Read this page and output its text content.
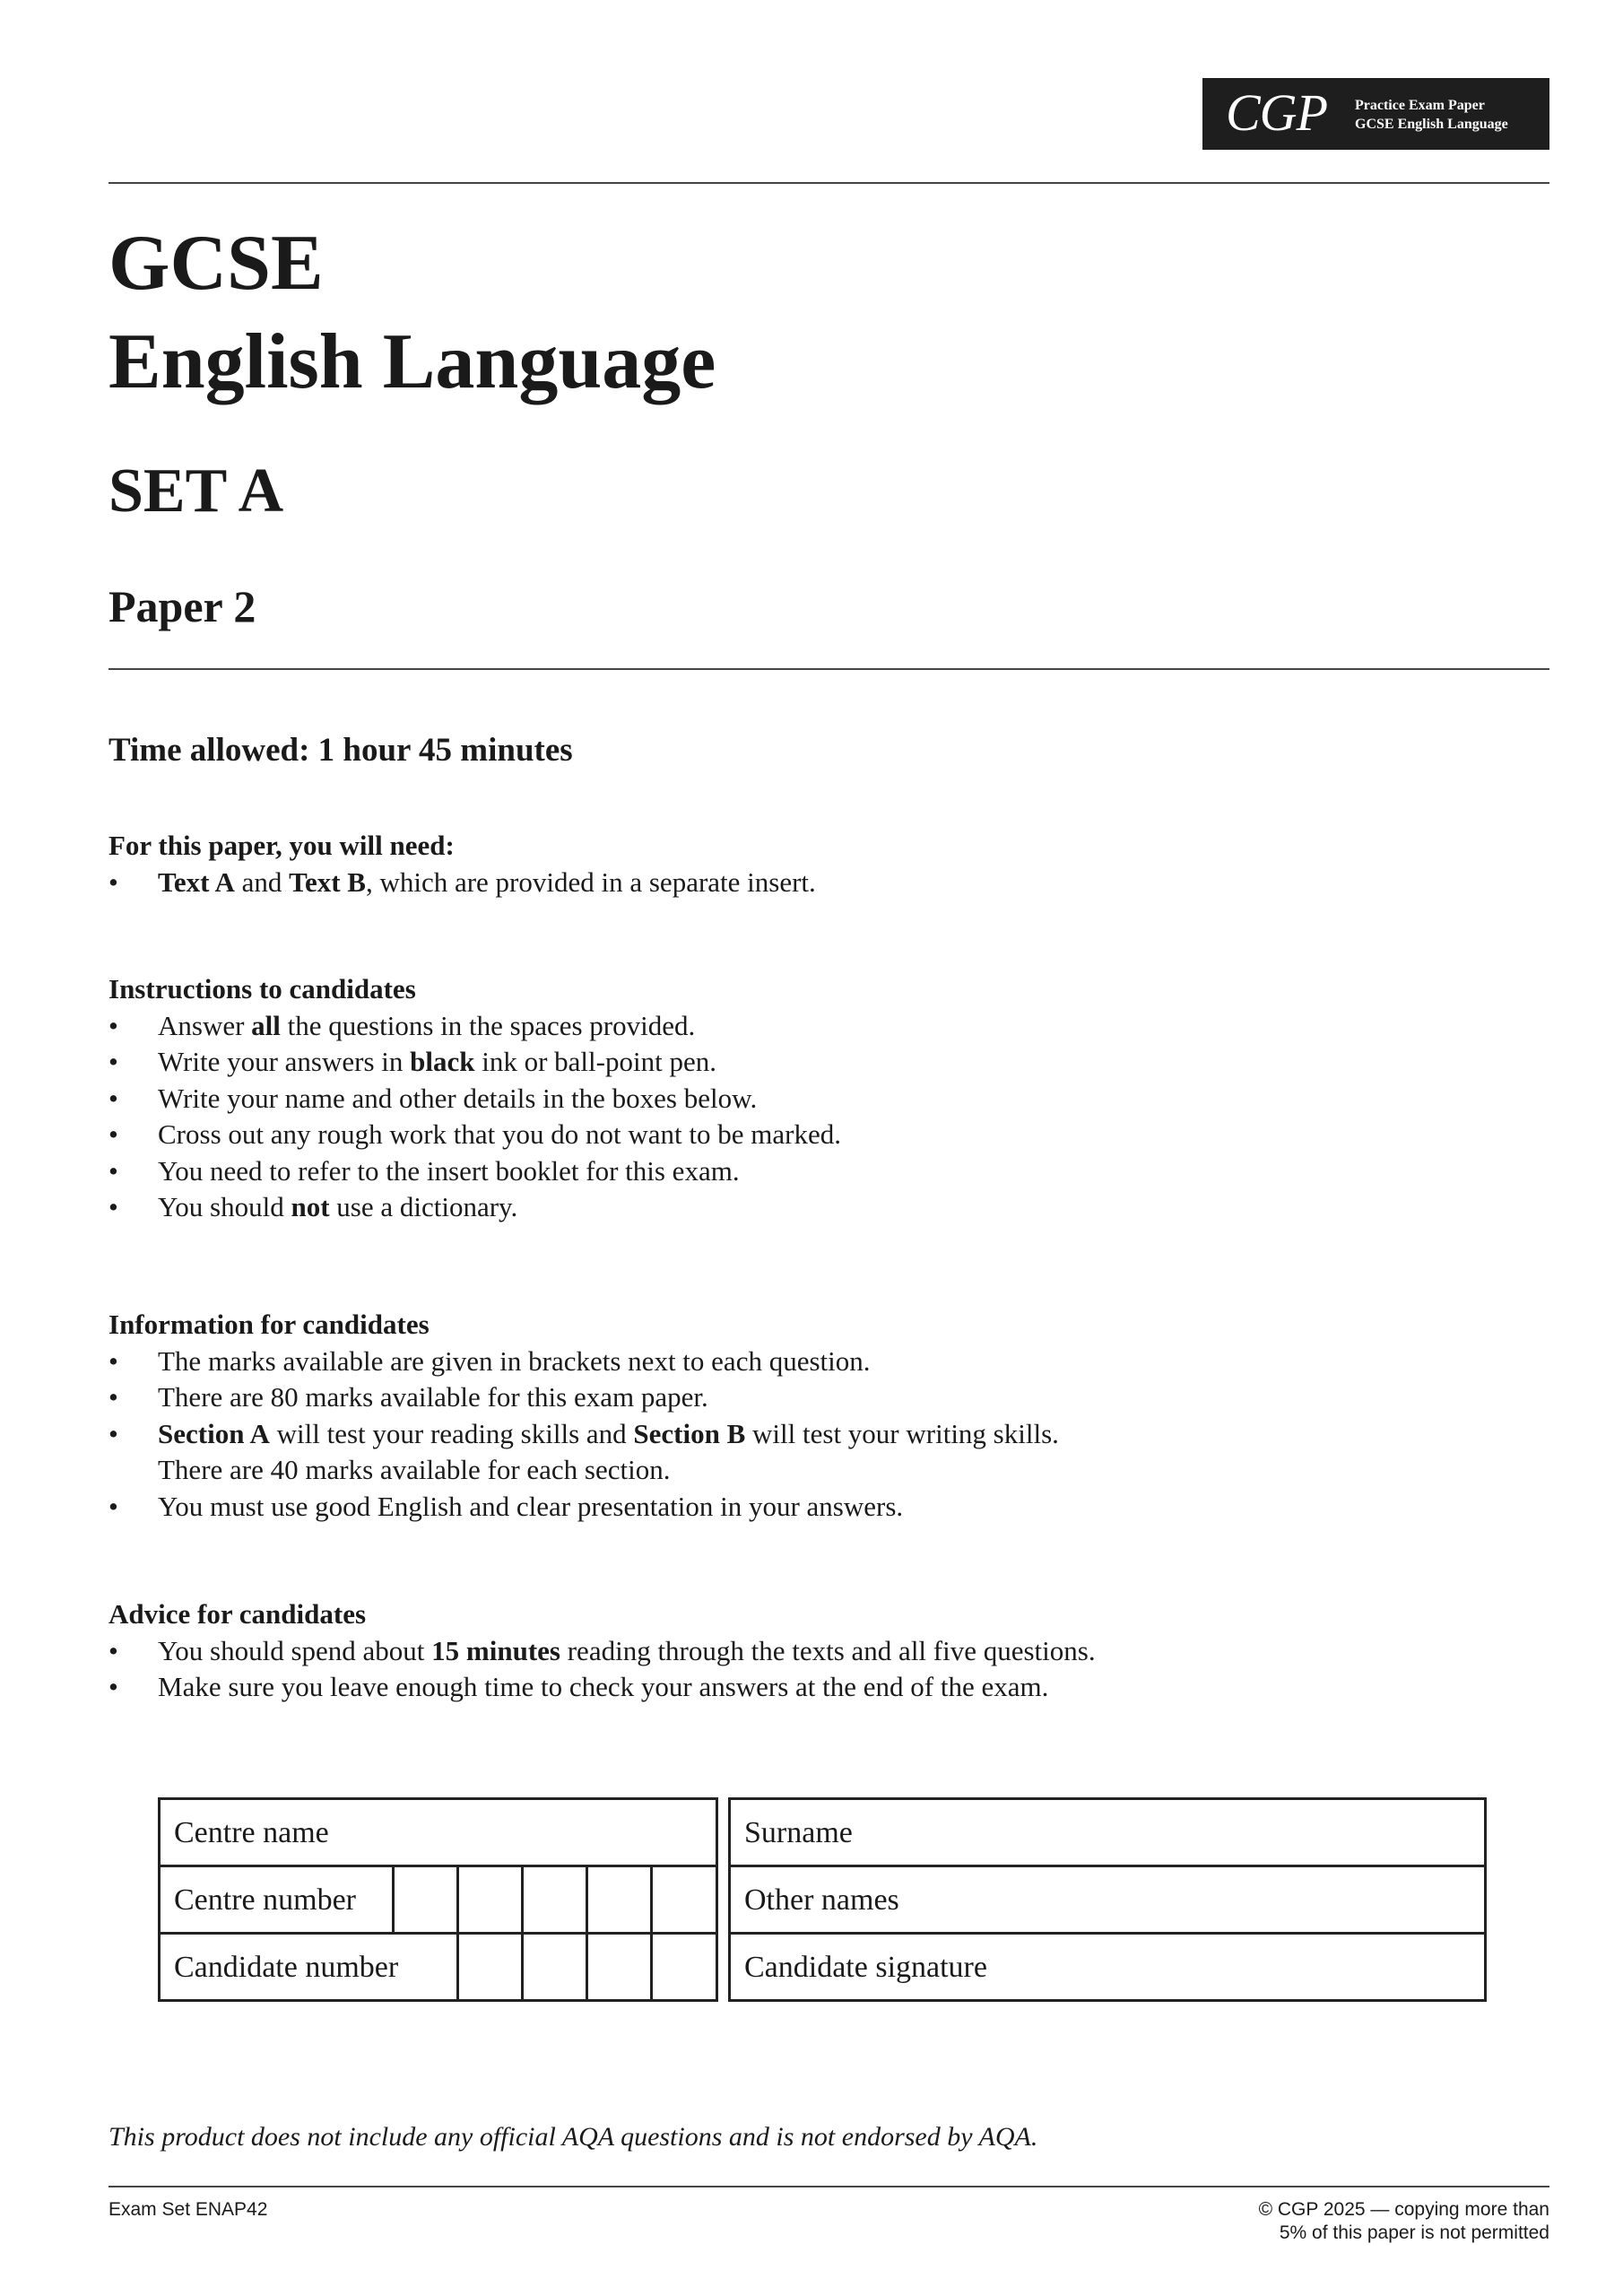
CGP Practice Exam Paper
GCSE English Language
GCSE
English Language
SET A
Paper 2
Time allowed: 1 hour 45 minutes
For this paper, you will need:
• Text A and Text B, which are provided in a separate insert.
Instructions to candidates
• Answer all the questions in the spaces provided.
• Write your answers in black ink or ball-point pen.
• Write your name and other details in the boxes below.
• Cross out any rough work that you do not want to be marked.
• You need to refer to the insert booklet for this exam.
• You should not use a dictionary.
Information for candidates
• The marks available are given in brackets next to each question.
• There are 80 marks available for this exam paper.
• Section A will test your reading skills and Section B will test your writing skills.
There are 40 marks available for each section.
• You must use good English and clear presentation in your answers.
Advice for candidates
• You should spend about 15 minutes reading through the texts and all five questions.
• Make sure you leave enough time to check your answers at the end of the exam.
Centre name
Centre number
Candidate number
Surname
Other names
Candidate signature
This product does not include any official AQA questions and is not endorsed by AQA.
Exam Set ENAP42	© CGP 2025 — copying more than
5% of this paper is not permitted
